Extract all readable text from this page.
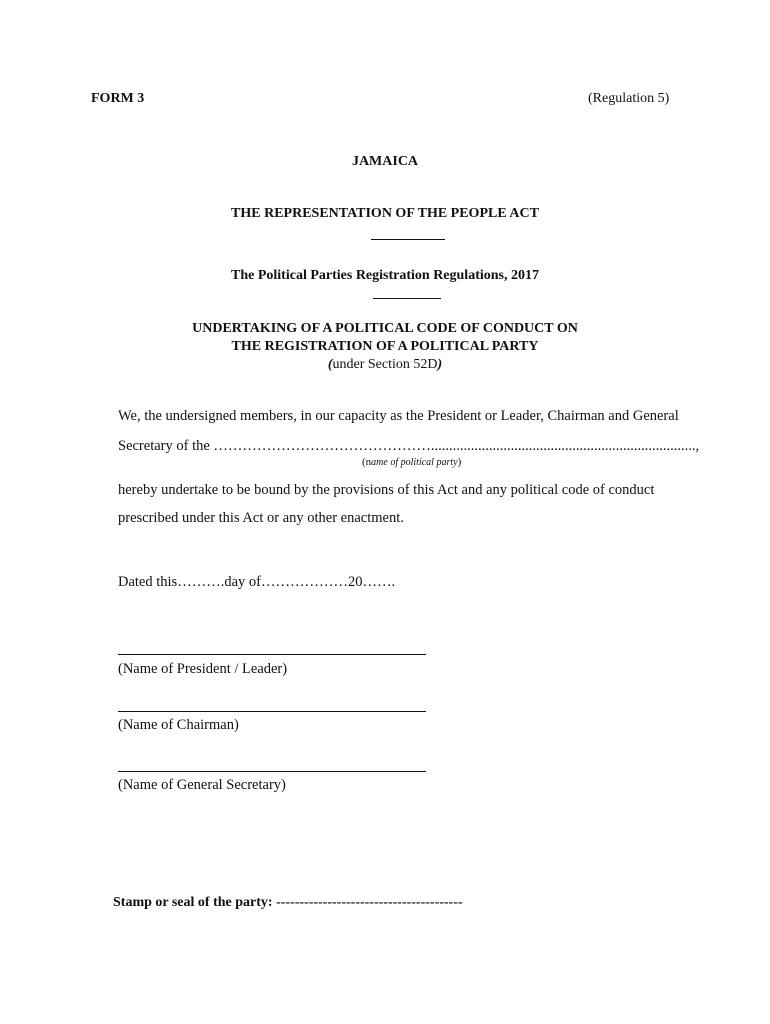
FORM 3	(Regulation 5)
JAMAICA
THE REPRESENTATION OF THE PEOPLE ACT
The Political Parties Registration Regulations, 2017
UNDERTAKING OF A POLITICAL CODE OF CONDUCT ON
THE REGISTRATION OF A POLITICAL PARTY
(under Section 52D)
We, the undersigned members, in our capacity as the President or Leader, Chairman and General
Secretary of the ……………………………………….........................................................................,
(name of political party)
hereby undertake to be bound by the provisions of this Act and any political code of conduct
prescribed under this Act or any other enactment.
Dated this……….day of………………20…….
(Name of President / Leader)
(Name of Chairman)
(Name of General Secretary)
Stamp or seal of the party: ----------------------------------------
